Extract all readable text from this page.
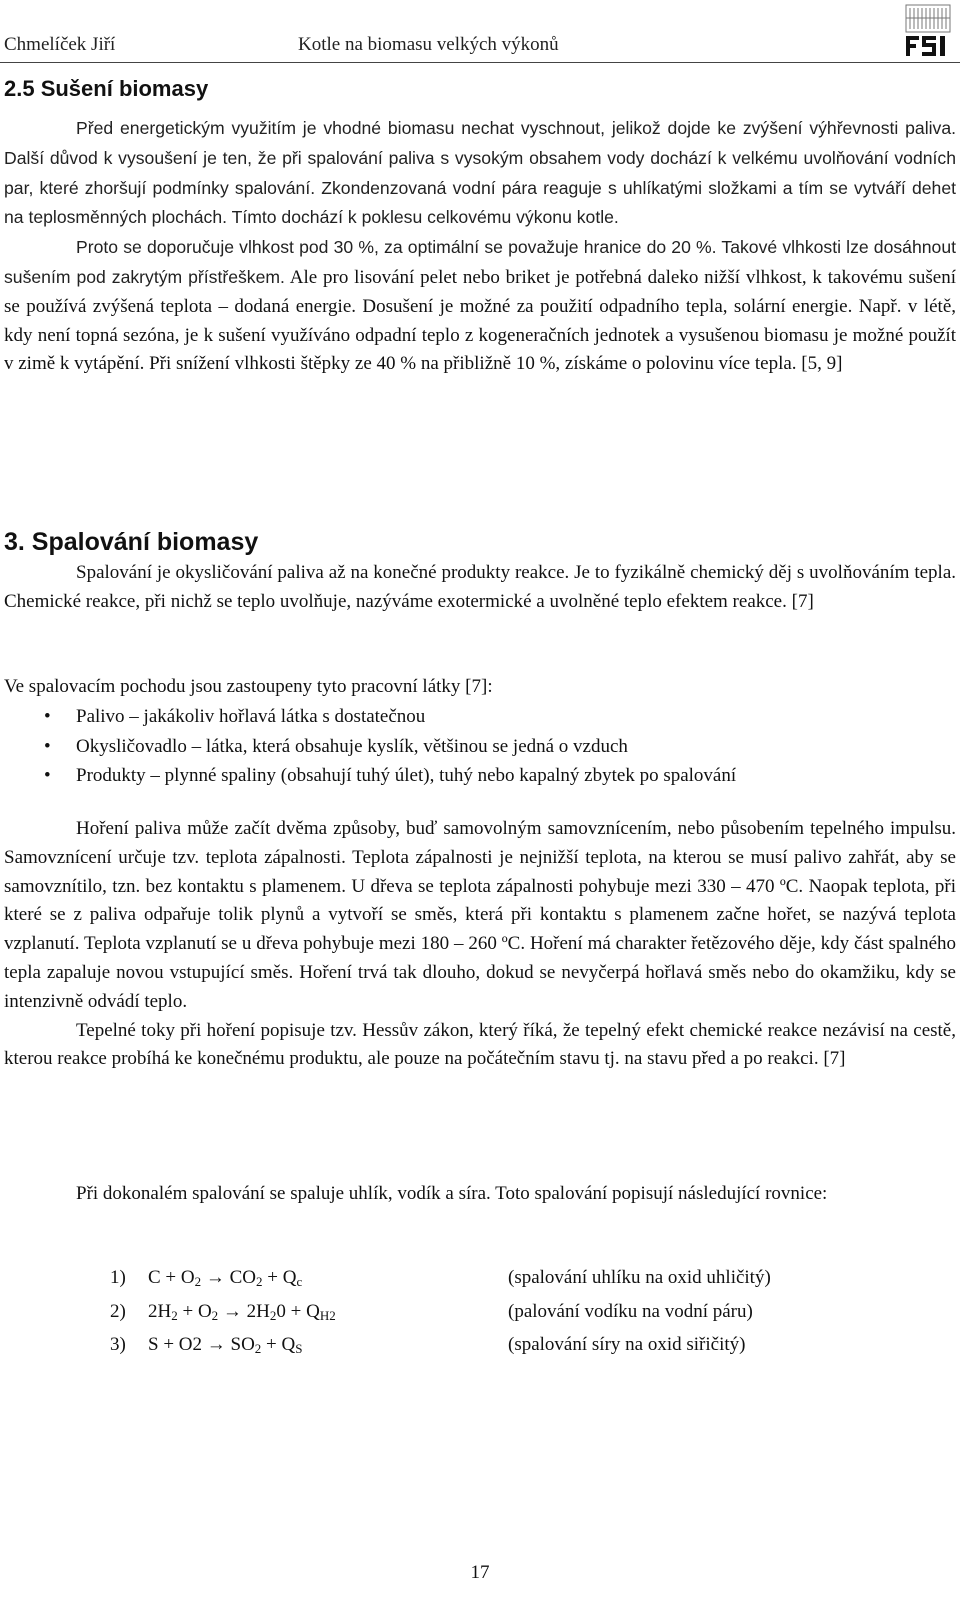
Chmelíček Jiří	Kotle na biomasu velkých výkonů
2.5 Sušení biomasy

Před energetickým využitím je vhodné biomasu nechat vyschnout, jelikož dojde ke zvýšení výhřevnosti paliva. Další důvod k vysoušení je ten, že při spalování paliva s vysokým obsahem vody dochází k velkému uvolňování vodních par, které zhoršují podmínky spalování. Zkondenzovaná vodní pára reaguje s uhlíkatými složkami a tím se vytváří dehet na teplosměnných plochách. Tímto dochází k poklesu celkovému výkonu kotle.

Proto se doporučuje vlhkost pod 30 %, za optimální se považuje hranice do 20 %. Takové vlhkosti lze dosáhnout sušením pod zakrytým přístřeškem. Ale pro lisování pelet nebo briket je potřebná daleko nižší vlhkost, k takovému sušení se používá zvýšená teplota – dodaná energie. Dosušení je možné za použití odpadního tepla, solární energie. Např. v létě, kdy není topná sezóna, je k sušení využíváno odpadní teplo z kogeneračních jednotek a vysušenou biomasu je možné použít v zimě k vytápění. Při snížení vlhkosti štěpky ze 40 % na přibližně 10 %, získáme o polovinu více tepla. [5, 9]

3. Spalování biomasy

Spalování je okysličování paliva až na konečné produkty reakce. Je to fyzikálně chemický děj s uvolňováním tepla. Chemické reakce, při nichž se teplo uvolňuje, nazýváme exotermické a uvolněné teplo efektem reakce. [7]

Ve spalovacím pochodu jsou zastoupeny tyto pracovní látky [7]:

• Palivo – jakákoliv hořlavá látka s dostatečnou
• Okysličovadlo – látka, která obsahuje kyslík, většinou se jedná o vzduch
• Produkty – plynné spaliny (obsahují tuhý úlet), tuhý nebo kapalný zbytek po spalování

Hoření paliva může začít dvěma způsoby, buď samovolným samovznícením, nebo působením tepelného impulsu. Samovznícení určuje tzv. teplota zápalnosti. Teplota zápalnosti je nejnižší teplota, na kterou se musí palivo zahřát, aby se samovznítilo, tzn. bez kontaktu s plamenem. U dřeva se teplota zápalnosti pohybuje mezi 330 – 470 ºC. Naopak teplota, při které se z paliva odpařuje tolik plynů a vytvoří se směs, která při kontaktu s plamenem začne hořet, se nazývá teplota vzplanutí. Teplota vzplanutí se u dřeva pohybuje mezi 180 – 260 ºC. Hoření má charakter řetězového děje, kdy část spalného tepla zapaluje novou vstupující směs. Hoření trvá tak dlouho, dokud se nevyčerpá hořlavá směs nebo do okamžiku, kdy se intenzivně odvádí teplo.

Tepelné toky při hoření popisuje tzv. Hessův zákon, který říká, že tepelný efekt chemické reakce nezávisí na cestě, kterou reakce probíhá ke konečnému produktu, ale pouze na počátečním stavu tj. na stavu před a po reakci. [7]

Při dokonalém spalování se spaluje uhlík, vodík a síra. Toto spalování popisují následující rovnice:

1)	$C + O_2 \to CO_2 + Q_c$	(spalování uhlíku na oxid uhličitý)
2)	$2H_2 + O_2 \to 2H_20 + Q_{H2}$	(palování vodíku na vodní páru)
3)	$S + O2 \to SO_2 + Q_S$	(spalování síry na oxid siřičitý)
17
